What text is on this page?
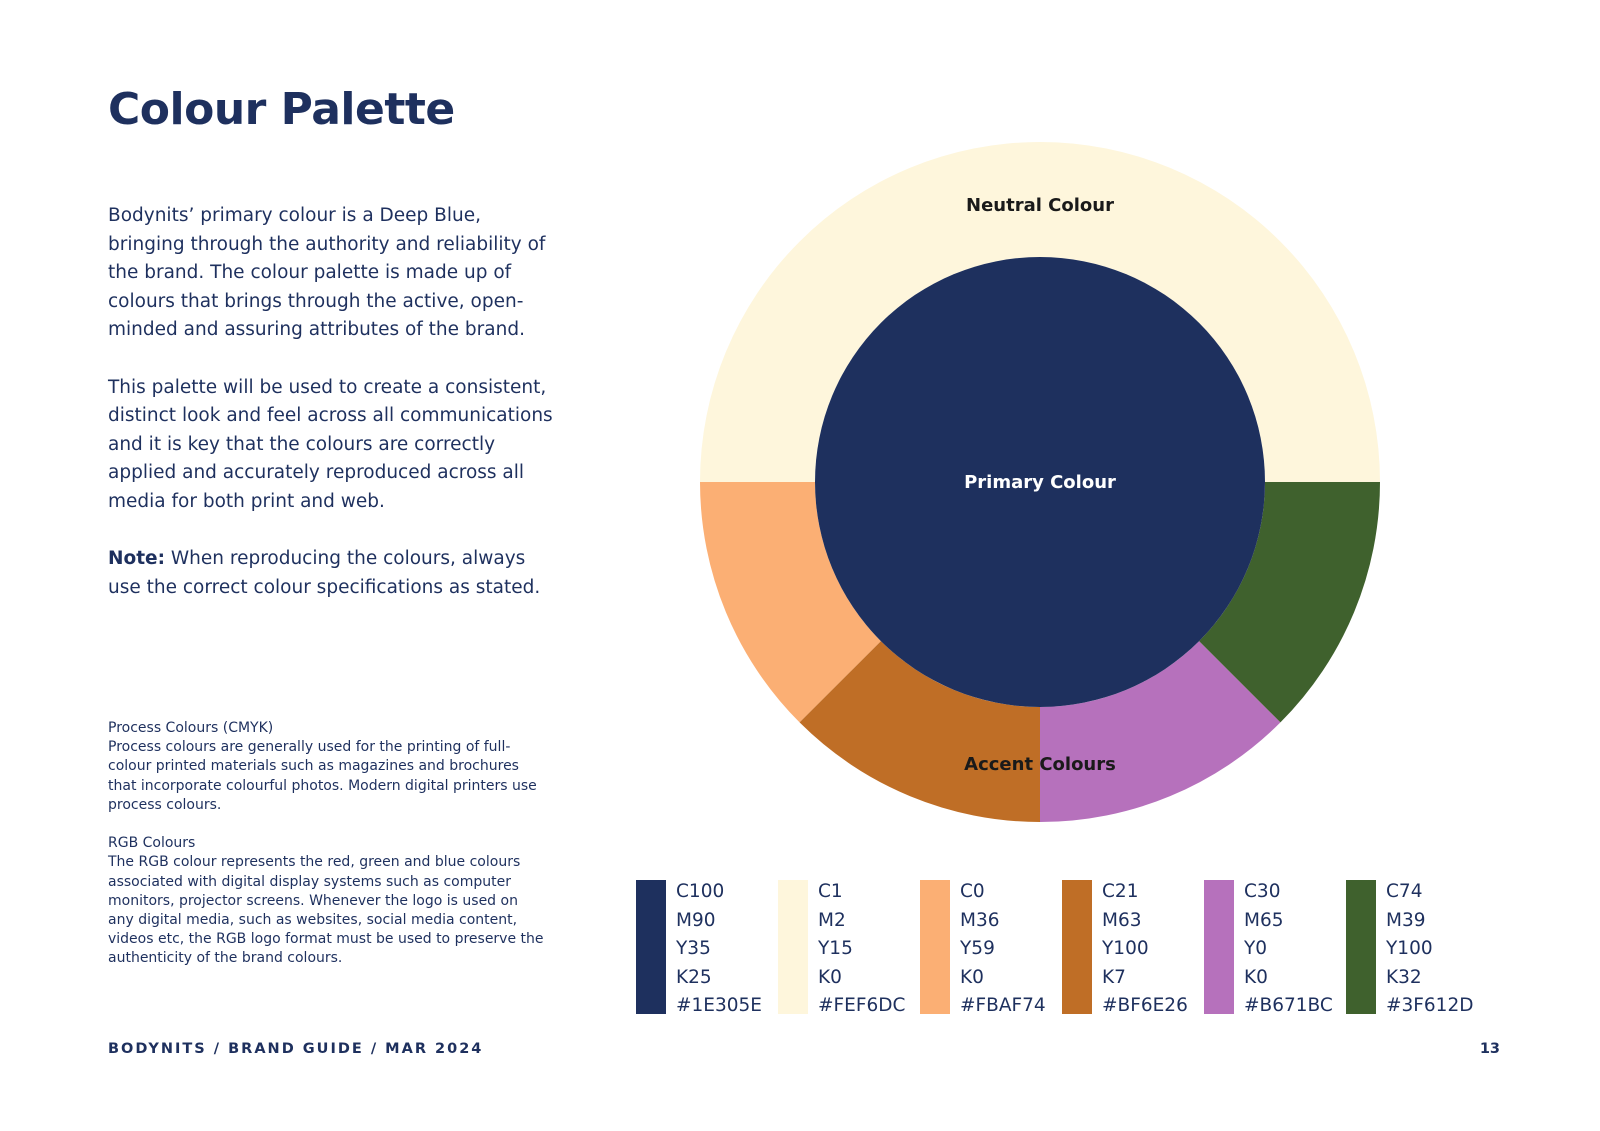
Colour Palette

Bodynits’ primary colour is a Deep Blue, bringing through the authority and reliability of the brand. The colour palette is made up of colours that brings through the active, open-minded and assuring attributes of the brand.

This palette will be used to create a consistent, distinct look and feel across all communications and it is key that the colours are correctly applied and accurately reproduced across all media for both print and web.

Note: When reproducing the colours, always use the correct colour specifications as stated.

Process Colours (CMYK)
Process colours are generally used for the printing of full-colour printed materials such as magazines and brochures that incorporate colourful photos. Modern digital printers use process colours.

RGB Colours
The RGB colour represents the red, green and blue colours associated with digital display systems such as computer monitors, projector screens. Whenever the logo is used on any digital media, such as websites, social media content, videos etc, the RGB logo format must be used to preserve the authenticity of the brand colours.

Neutral Colour
Primary Colour
Accent Colours
C100
M90
Y35
K25
#1E305E
C1
M2
Y15
K0
#FEF6DC
C0
M36
Y59
K0
#FBAF74
C21
M63
Y100
K7
#BF6E26
C30
M65
Y0
K0
#B671BC
C74
M39
Y100
K32
#3F612D
BODYNITS / BRAND GUIDE / MAR 2024	13
